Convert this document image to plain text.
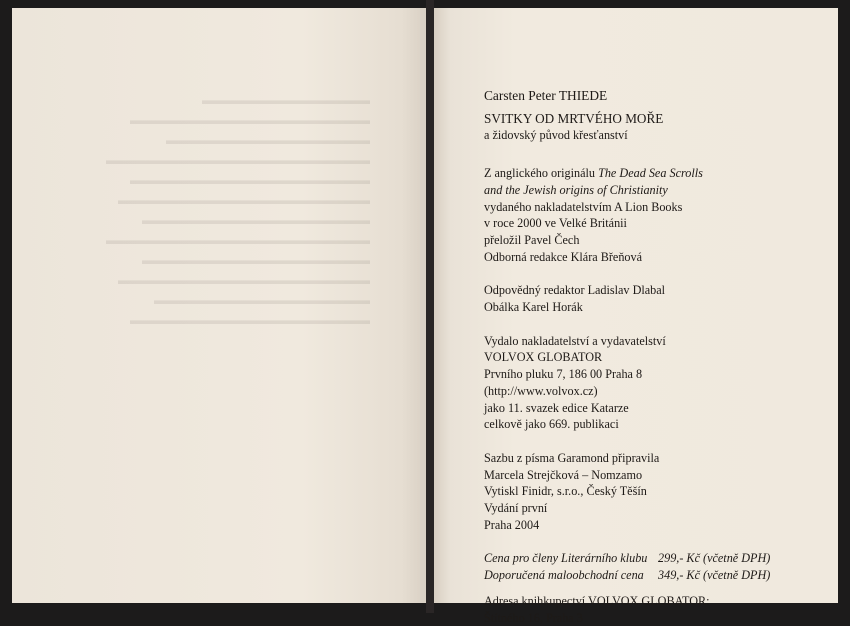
▬▬▬▬▬▬▬▬▬▬▬▬▬▬
▬▬▬▬▬▬▬▬▬▬▬▬▬▬▬▬▬▬▬▬
▬▬▬▬▬▬▬▬▬▬▬▬▬▬▬▬▬
▬▬▬▬▬▬▬▬▬▬▬▬▬▬▬▬▬▬▬▬▬▬
▬▬▬▬▬▬▬▬▬▬▬▬▬▬▬▬▬▬▬▬
▬▬▬▬▬▬▬▬▬▬▬▬▬▬▬▬▬▬▬▬▬
▬▬▬▬▬▬▬▬▬▬▬▬▬▬▬▬▬▬▬
▬▬▬▬▬▬▬▬▬▬▬▬▬▬▬▬▬▬▬▬▬▬
▬▬▬▬▬▬▬▬▬▬▬▬▬▬▬▬▬▬▬
▬▬▬▬▬▬▬▬▬▬▬▬▬▬▬▬▬▬▬▬▬
▬▬▬▬▬▬▬▬▬▬▬▬▬▬▬▬▬▬
▬▬▬▬▬▬▬▬▬▬▬▬▬▬▬▬▬▬▬▬
Carsten Peter THIEDE
SVITKY OD MRTVÉHO MOŘE
a židovský původ křesťanství
Z anglického originálu The Dead Sea Scrolls
and the Jewish origins of Christianity
vydaného nakladatelstvím A Lion Books
v roce 2000 ve Velké Británii
přeložil Pavel Čech
Odborná redakce Klára Břeňová
Odpovědný redaktor Ladislav Dlabal
Obálka Karel Horák
Vydalo nakladatelství a vydavatelství
VOLVOX GLOBATOR
Prvního pluku 7, 186 00 Praha 8
(http://www.volvox.cz)
jako 11. svazek edice Katarze
celkově jako 669. publikaci
Sazbu z písma Garamond připravila
Marcela Strejčková – Nomzamo
Vytiskl Finidr, s.r.o., Český Těšín
Vydání první
Praha 2004
Cena pro členy Literárního klubu 299,- Kč (včetně DPH)
Doporučená maloobchodní cena	349,- Kč (včetně DPH)
Adresa knihkupectví VOLVOX GLOBATOR:
Štítného 16, Praha 3
